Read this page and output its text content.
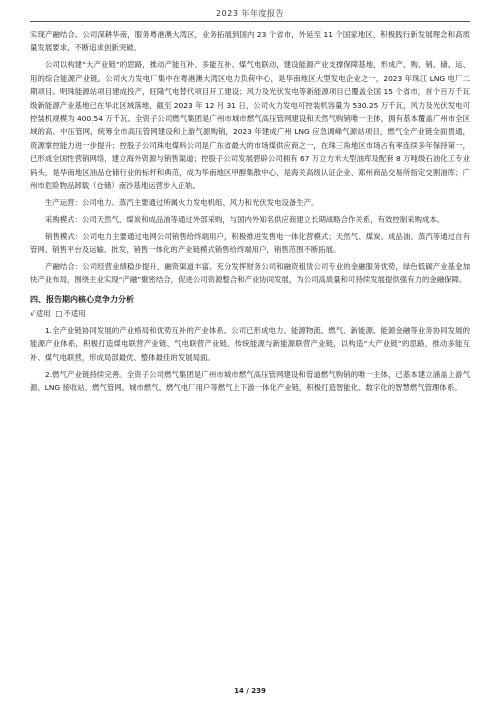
2023 年年度报告

实现产融结合。公司深耕华南，服务粤港澳大湾区，业务拓展到国内 23 个省市，外延至 11 个国家地区，积极践行新发展理念和高质量发展要求，不断追求创新突破。

公司以构建“大产业链”的思路，推动产能互补、多能互补、煤气电联动，建设能源产业支撑保障基地，形成产、购、销、储、运、用的综合能源产业链。公司火力发电厂集中在粤港澳大湾区电力负荷中心，是华南地区大型发电企业之一，2023 年珠江 LNG 电厂二期项目、明珠能源站项目建成投产，旺隆气电替代项目开工建设；风力及光伏发电等新能源项目已覆盖全国 15 个省市，首个百万千瓦级新能源产业基地已在华北区域落地，截至 2023 年 12 月 31 日，公司火力发电可控装机容量为 530.25 万千瓦，风力及光伏发电可控装机规模为 400.54 万千瓦。全资子公司燃气集团是广州市城市燃气高压管网建设和天然气购销唯一主体，拥有基本覆盖广州市全区域的高、中压管网，统筹全市高压管网建设和上游气源购销，2023 年建成广州 LNG 应急调峰气源站项目，燃气全产业链全面贯通，资源掌控能力进一步提升；控股子公司珠电煤料公司是广东省最大的市场煤供应商之一，在珠三角地区市场占有率连续多年保持第一，已形成全国性营销网络，建立海外资源与销售渠道；控股子公司发展碧辟公司拥有 67 万立方米大型油库及配套 8 万吨级石油化工专业码头，是华南地区油品仓储行业的标杆和典范，成为华南地区甲醇集散中心，是海关高级认证企业、郑州商品交易所指定交割油库；广州市危险物品卸载（仓储）南沙基地运营步入正轨。

生产运营：公司电力、蒸汽主要通过所属火力发电机组、风力和光伏发电设备生产。

采购模式：公司天然气、煤炭和成品油等通过外部采购，与国内外知名供应商建立长期战略合作关系，有效控制采购成本。

销售模式：公司电力主要通过电网公司销售给终端用户，积极推进发售电一体化营模式；天然气、煤炭、成品油、蒸汽等通过自有管网、销售平台及运输、批发、销售一体化的产业链模式销售给终端用户，销售范围不断拓展。

产融结合：公司经营业绩稳步提升，融资渠道丰富。充分发挥财务公司和融资租赁公司专业的金融服务优势，绿色低碳产业基金加快产业布局，围绕主业实现“产融”聚密结合，促进公司资源整合和产业协同发展，为公司高质量和可持续发展提供强有力的金融保障。

四、报告期内核心竞争力分析
√适用 □不适用

1.全产业链协同发展的产业格局和优势互补的产业体系。公司已形成电力、能源物流、燃气、新能源、能源金融等业务协同发展的能源产业体系，积极打造煤电联营产业链、气电联营产业链、传统能源与新能源联营产业链，以构造“大产业链”的思路，推动多能互补、煤气电联营，形成局部最优、整体最佳的发展局面。

2.燃气产业链持续完善。全资子公司燃气集团是广州市城市燃气高压管网建设和管道燃气购销的唯一主体，已基本建立涵盖上游气源、LNG 接收站、燃气管网、城市燃气、燃气电厂用户等燃气上下游一体化产业链，积极打造智能化、数字化的智慧燃气管理体系。

14 / 239
